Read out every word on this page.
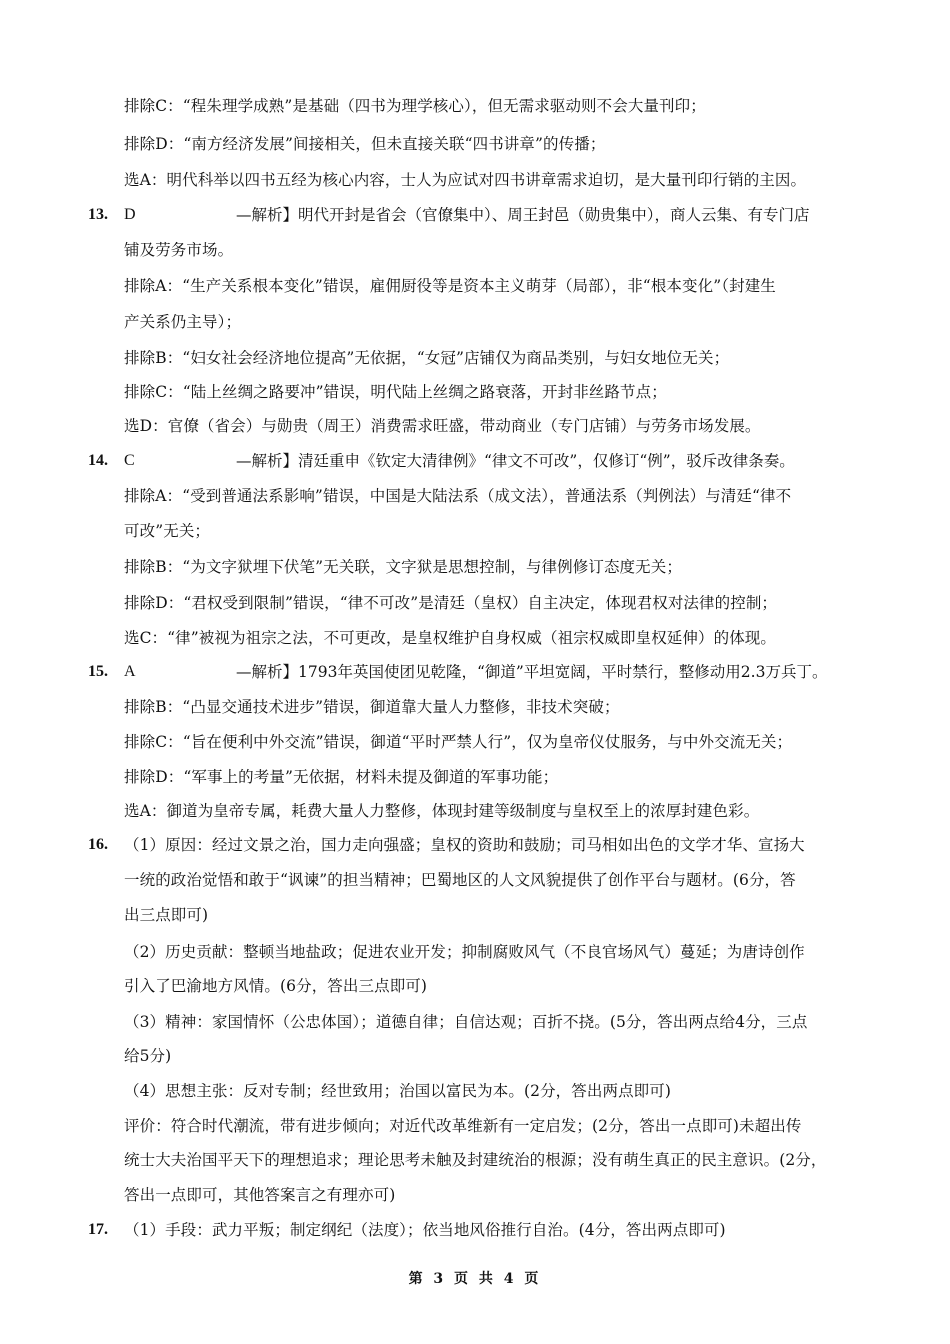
排除C：“程朱理学成熟”是基础（四书为理学核心），但无需求驱动则不会大量刊印；
排除D：“南方经济发展”间接相关，但未直接关联“四书讲章”的传播；
选A：明代科举以四书五经为核心内容，士人为应试对四书讲章需求迫切，是大量刊印行销的主因。
13. D	—解析】明代开封是省会（官僚集中）、周王封邑（勋贵集中），商人云集、有专门店
铺及劳务市场。
排除A：“生产关系根本变化”错误，雇佣厨役等是资本主义萌芽（局部），非“根本变化”（封建生
产关系仍主导）；
排除B：“妇女社会经济地位提高”无依据，“女冠”店铺仅为商品类别，与妇女地位无关；
排除C：“陆上丝绸之路要冲”错误，明代陆上丝绸之路衰落，开封非丝路节点；
选D：官僚（省会）与勋贵（周王）消费需求旺盛，带动商业（专门店铺）与劳务市场发展。
14. C	—解析】清廷重申《钦定大清律例》“律文不可改”，仅修订“例”，驳斥改律条奏。
排除A：“受到普通法系影响”错误，中国是大陆法系（成文法），普通法系（判例法）与清廷“律不
可改”无关；
排除B：“为文字狱埋下伏笔”无关联，文字狱是思想控制，与律例修订态度无关；
排除D：“君权受到限制”错误，“律不可改”是清廷（皇权）自主决定，体现君权对法律的控制；
选C：“律”被视为祖宗之法，不可更改，是皇权维护自身权威（祖宗权威即皇权延伸）的体现。
15. A	—解析】1793年英国使团见乾隆，“御道”平坦宽阔，平时禁行，整修动用2.3万兵丁。
排除B：“凸显交通技术进步”错误，御道靠大量人力整修，非技术突破；
排除C：“旨在便利中外交流”错误，御道“平时严禁人行”，仅为皇帝仪仗服务，与中外交流无关；
排除D：“军事上的考量”无依据，材料未提及御道的军事功能；
选A：御道为皇帝专属，耗费大量人力整修，体现封建等级制度与皇权至上的浓厚封建色彩。
16. （1）原因：经过文景之治，国力走向强盛；皇权的资助和鼓励；司马相如出色的文学才华、宣扬大
一统的政治觉悟和敢于“讽谏”的担当精神；巴蜀地区的人文风貌提供了创作平台与题材。(6分，答
出三点即可)
（2）历史贡献：整顿当地盐政；促进农业开发；抑制腐败风气（不良官场风气）蔓延；为唐诗创作
引入了巴渝地方风情。(6分，答出三点即可)
（3）精神：家国情怀（公忠体国）；道德自律；自信达观；百折不挠。(5分，答出两点给4分，三点
给5分)
（4）思想主张：反对专制；经世致用；治国以富民为本。(2分，答出两点即可)
评价：符合时代潮流，带有进步倾向；对近代改革维新有一定启发；(2分，答出一点即可)未超出传
统士大夫治国平天下的理想追求；理论思考未触及封建统治的根源；没有萌生真正的民主意识。(2分，
答出一点即可，其他答案言之有理亦可)
17. （1）手段：武力平叛；制定纲纪（法度）；依当地风俗推行自治。(4分，答出两点即可)
第 3 页 共 4 页
